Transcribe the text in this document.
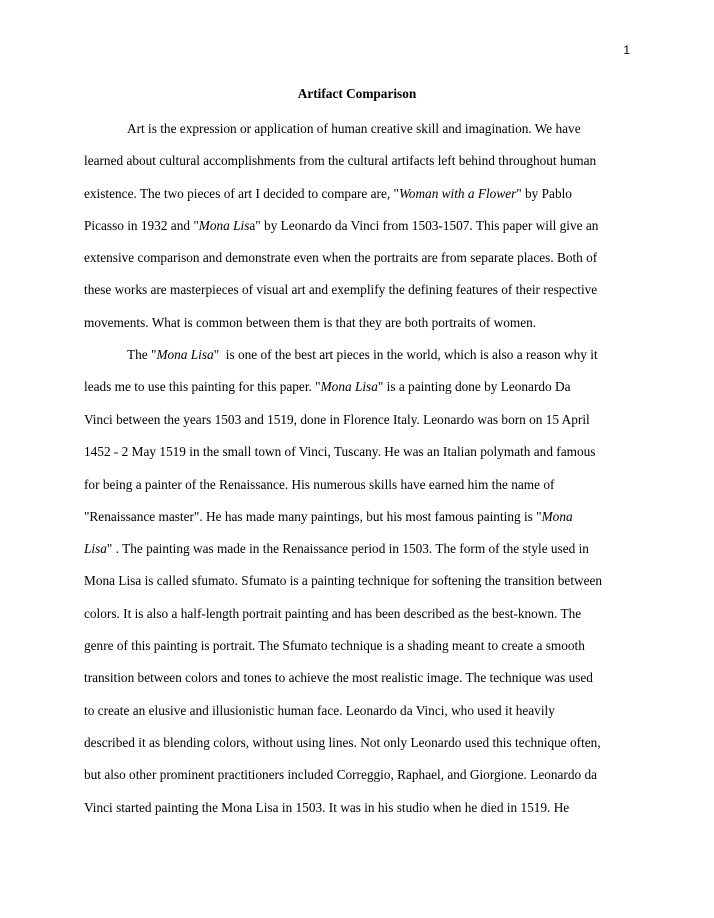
1
Artifact Comparison
Art is the expression or application of human creative skill and imagination. We have
learned about cultural accomplishments from the cultural artifacts left behind throughout human
existence. The two pieces of art I decided to compare are, "Woman with a Flower" by Pablo
Picasso in 1932 and "Mona Lisa" by Leonardo da Vinci from 1503-1507. This paper will give an
extensive comparison and demonstrate even when the portraits are from separate places. Both of
these works are masterpieces of visual art and exemplify the defining features of their respective
movements. What is common between them is that they are both portraits of women.
The "Mona Lisa"  is one of the best art pieces in the world, which is also a reason why it
leads me to use this painting for this paper. "Mona Lisa" is a painting done by Leonardo Da
Vinci between the years 1503 and 1519, done in Florence Italy. Leonardo was born on 15 April
1452 - 2 May 1519 in the small town of Vinci, Tuscany. He was an Italian polymath and famous
for being a painter of the Renaissance. His numerous skills have earned him the name of
"Renaissance master". He has made many paintings, but his most famous painting is "Mona
Lisa" . The painting was made in the Renaissance period in 1503. The form of the style used in
Mona Lisa is called sfumato. Sfumato is a painting technique for softening the transition between
colors. It is also a half-length portrait painting and has been described as the best-known. The
genre of this painting is portrait. The Sfumato technique is a shading meant to create a smooth
transition between colors and tones to achieve the most realistic image. The technique was used
to create an elusive and illusionistic human face. Leonardo da Vinci, who used it heavily
described it as blending colors, without using lines. Not only Leonardo used this technique often,
but also other prominent practitioners included Correggio, Raphael, and Giorgione. Leonardo da
Vinci started painting the Mona Lisa in 1503. It was in his studio when he died in 1519. He
